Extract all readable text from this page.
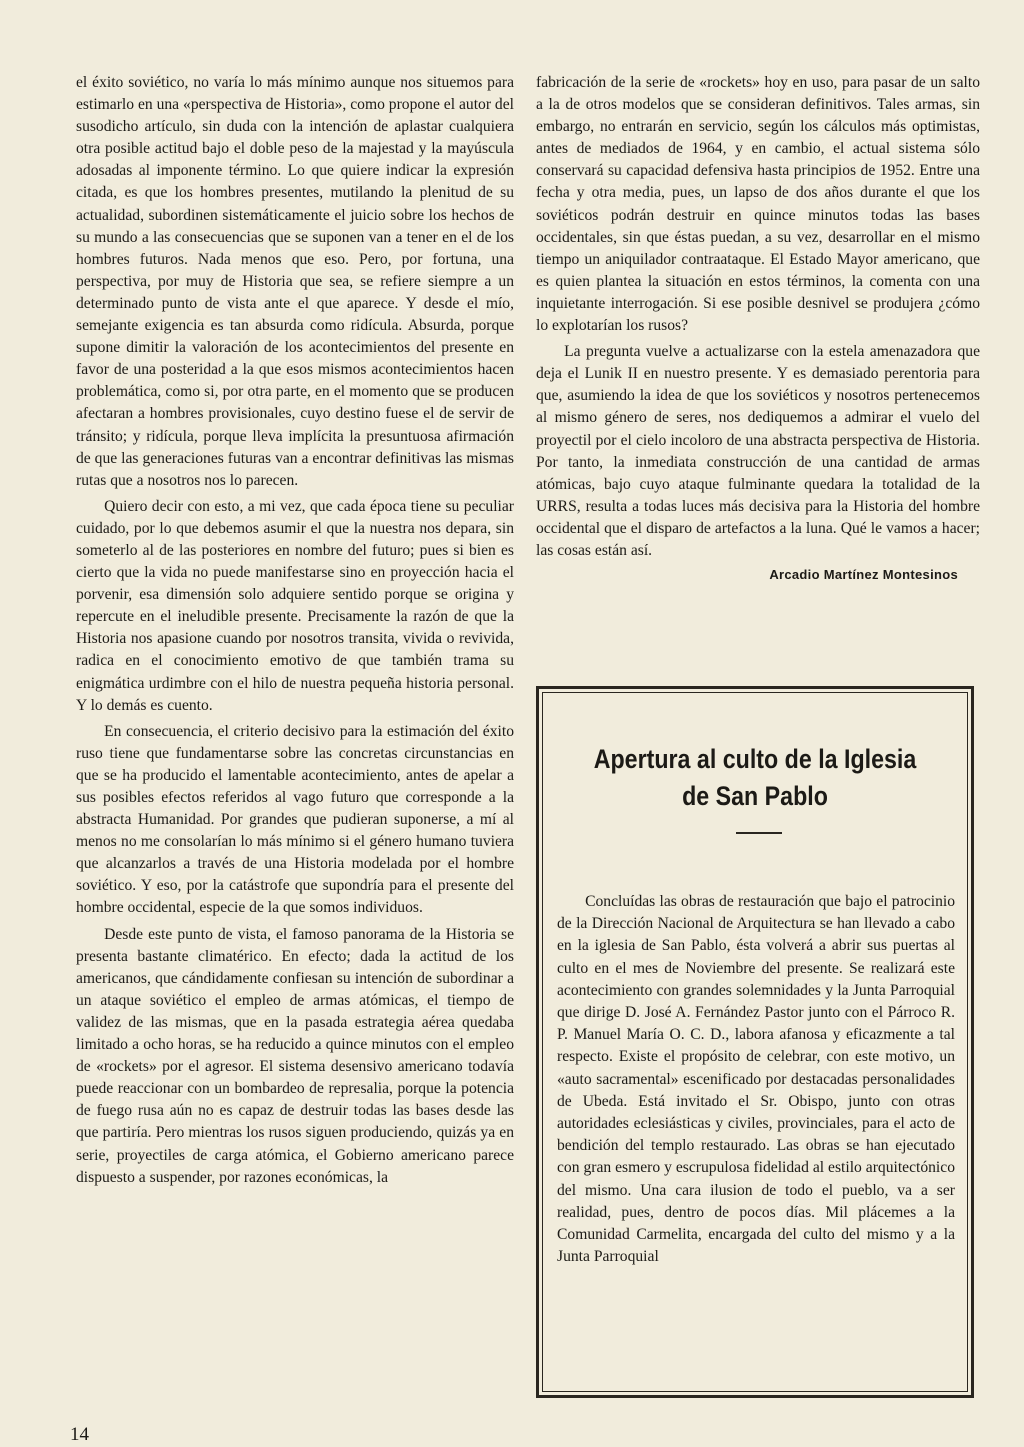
el éxito soviético, no varía lo más mínimo aunque nos situemos para estimarlo en una «perspectiva de Historia», como propone el autor del susodicho artículo, sin duda con la intención de aplastar cualquiera otra posible actitud bajo el doble peso de la majestad y la mayúscula adosadas al imponente término. Lo que quiere indicar la expresión citada, es que los hombres presentes, mutilando la plenitud de su actualidad, subordinen sistemáticamente el juicio sobre los hechos de su mundo a las consecuencias que se suponen van a tener en el de los hombres futuros. Nada menos que eso. Pero, por fortuna, una perspectiva, por muy de Historia que sea, se refiere siempre a un determinado punto de vista ante el que aparece. Y desde el mío, semejante exigencia es tan absurda como ridícula. Absurda, porque supone dimitir la valoración de los acontecimientos del presente en favor de una posteridad a la que esos mismos acontecimientos hacen problemática, como si, por otra parte, en el momento que se producen afectaran a hombres provisionales, cuyo destino fuese el de servir de tránsito; y ridícula, porque lleva implícita la presuntuosa afirmación de que las generaciones futuras van a encontrar definitivas las mismas rutas que a nosotros nos lo parecen.

Quiero decir con esto, a mi vez, que cada época tiene su peculiar cuidado, por lo que debemos asumir el que la nuestra nos depara, sin someterlo al de las posteriores en nombre del futuro; pues si bien es cierto que la vida no puede manifestarse sino en proyección hacia el porvenir, esa dimensión solo adquiere sentido porque se origina y repercute en el ineludible presente. Precisamente la razón de que la Historia nos apasione cuando por nosotros transita, vivida o revivida, radica en el conocimiento emotivo de que también trama su enigmática urdimbre con el hilo de nuestra pequeña historia personal. Y lo demás es cuento.

En consecuencia, el criterio decisivo para la estimación del éxito ruso tiene que fundamentarse sobre las concretas circunstancias en que se ha producido el lamentable acontecimiento, antes de apelar a sus posibles efectos referidos al vago futuro que corresponde a la abstracta Humanidad. Por grandes que pudieran suponerse, a mí al menos no me consolarían lo más mínimo si el género humano tuviera que alcanzarlos a través de una Historia modelada por el hombre soviético. Y eso, por la catástrofe que supondría para el presente del hombre occidental, especie de la que somos individuos.

Desde este punto de vista, el famoso panorama de la Historia se presenta bastante climatérico. En efecto; dada la actitud de los americanos, que cándidamente confiesan su intención de subordinar a un ataque soviético el empleo de armas atómicas, el tiempo de validez de las mismas, que en la pasada estrategia aérea quedaba limitado a ocho horas, se ha reducido a quince minutos con el empleo de «rockets» por el agresor. El sistema desensivo americano todavía puede reaccionar con un bombardeo de represalia, porque la potencia de fuego rusa aún no es capaz de destruir todas las bases desde las que partiría. Pero mientras los rusos siguen produciendo, quizás ya en serie, proyectiles de carga atómica, el Gobierno americano parece dispuesto a suspender, por razones económicas, la

fabricación de la serie de «rockets» hoy en uso, para pasar de un salto a la de otros modelos que se consideran definitivos. Tales armas, sin embargo, no entrarán en servicio, según los cálculos más optimistas, antes de mediados de 1964, y en cambio, el actual sistema sólo conservará su capacidad defensiva hasta principios de 1952. Entre una fecha y otra media, pues, un lapso de dos años durante el que los soviéticos podrán destruir en quince minutos todas las bases occidentales, sin que éstas puedan, a su vez, desarrollar en el mismo tiempo un aniquilador contraataque. El Estado Mayor americano, que es quien plantea la situación en estos términos, la comenta con una inquietante interrogación. Si ese posible desnivel se produjera ¿cómo lo explotarían los rusos?

La pregunta vuelve a actualizarse con la estela amenazadora que deja el Lunik II en nuestro presente. Y es demasiado perentoria para que, asumiendo la idea de que los soviéticos y nosotros pertenecemos al mismo género de seres, nos dediquemos a admirar el vuelo del proyectil por el cielo incoloro de una abstracta perspectiva de Historia. Por tanto, la inmediata construcción de una cantidad de armas atómicas, bajo cuyo ataque fulminante quedara la totalidad de la URRS, resulta a todas luces más decisiva para la Historia del hombre occidental que el disparo de artefactos a la luna. Qué le vamos a hacer; las cosas están así.

Arcadio Martínez Montesinos
Apertura al culto de la Iglesia de San Pablo

Concluídas las obras de restauración que bajo el patrocinio de la Dirección Nacional de Arquitectura se han llevado a cabo en la iglesia de San Pablo, ésta volverá a abrir sus puertas al culto en el mes de Noviembre del presente. Se realizará este acontecimiento con grandes solemnidades y la Junta Parroquial que dirige D. José A. Fernández Pastor junto con el Párroco R. P. Manuel María O. C. D., labora afanosa y eficazmente a tal respecto. Existe el propósito de celebrar, con este motivo, un «auto sacramental» escenificado por destacadas personalidades de Ubeda. Está invitado el Sr. Obispo, junto con otras autoridades eclesiásticas y civiles, provinciales, para el acto de bendición del templo restaurado. Las obras se han ejecutado con gran esmero y escrupulosa fidelidad al estilo arquitectónico del mismo. Una cara ilusion de todo el pueblo, va a ser realidad, pues, dentro de pocos días. Mil plácemes a la Comunidad Carmelita, encargada del culto del mismo y a la Junta Parroquial

14
